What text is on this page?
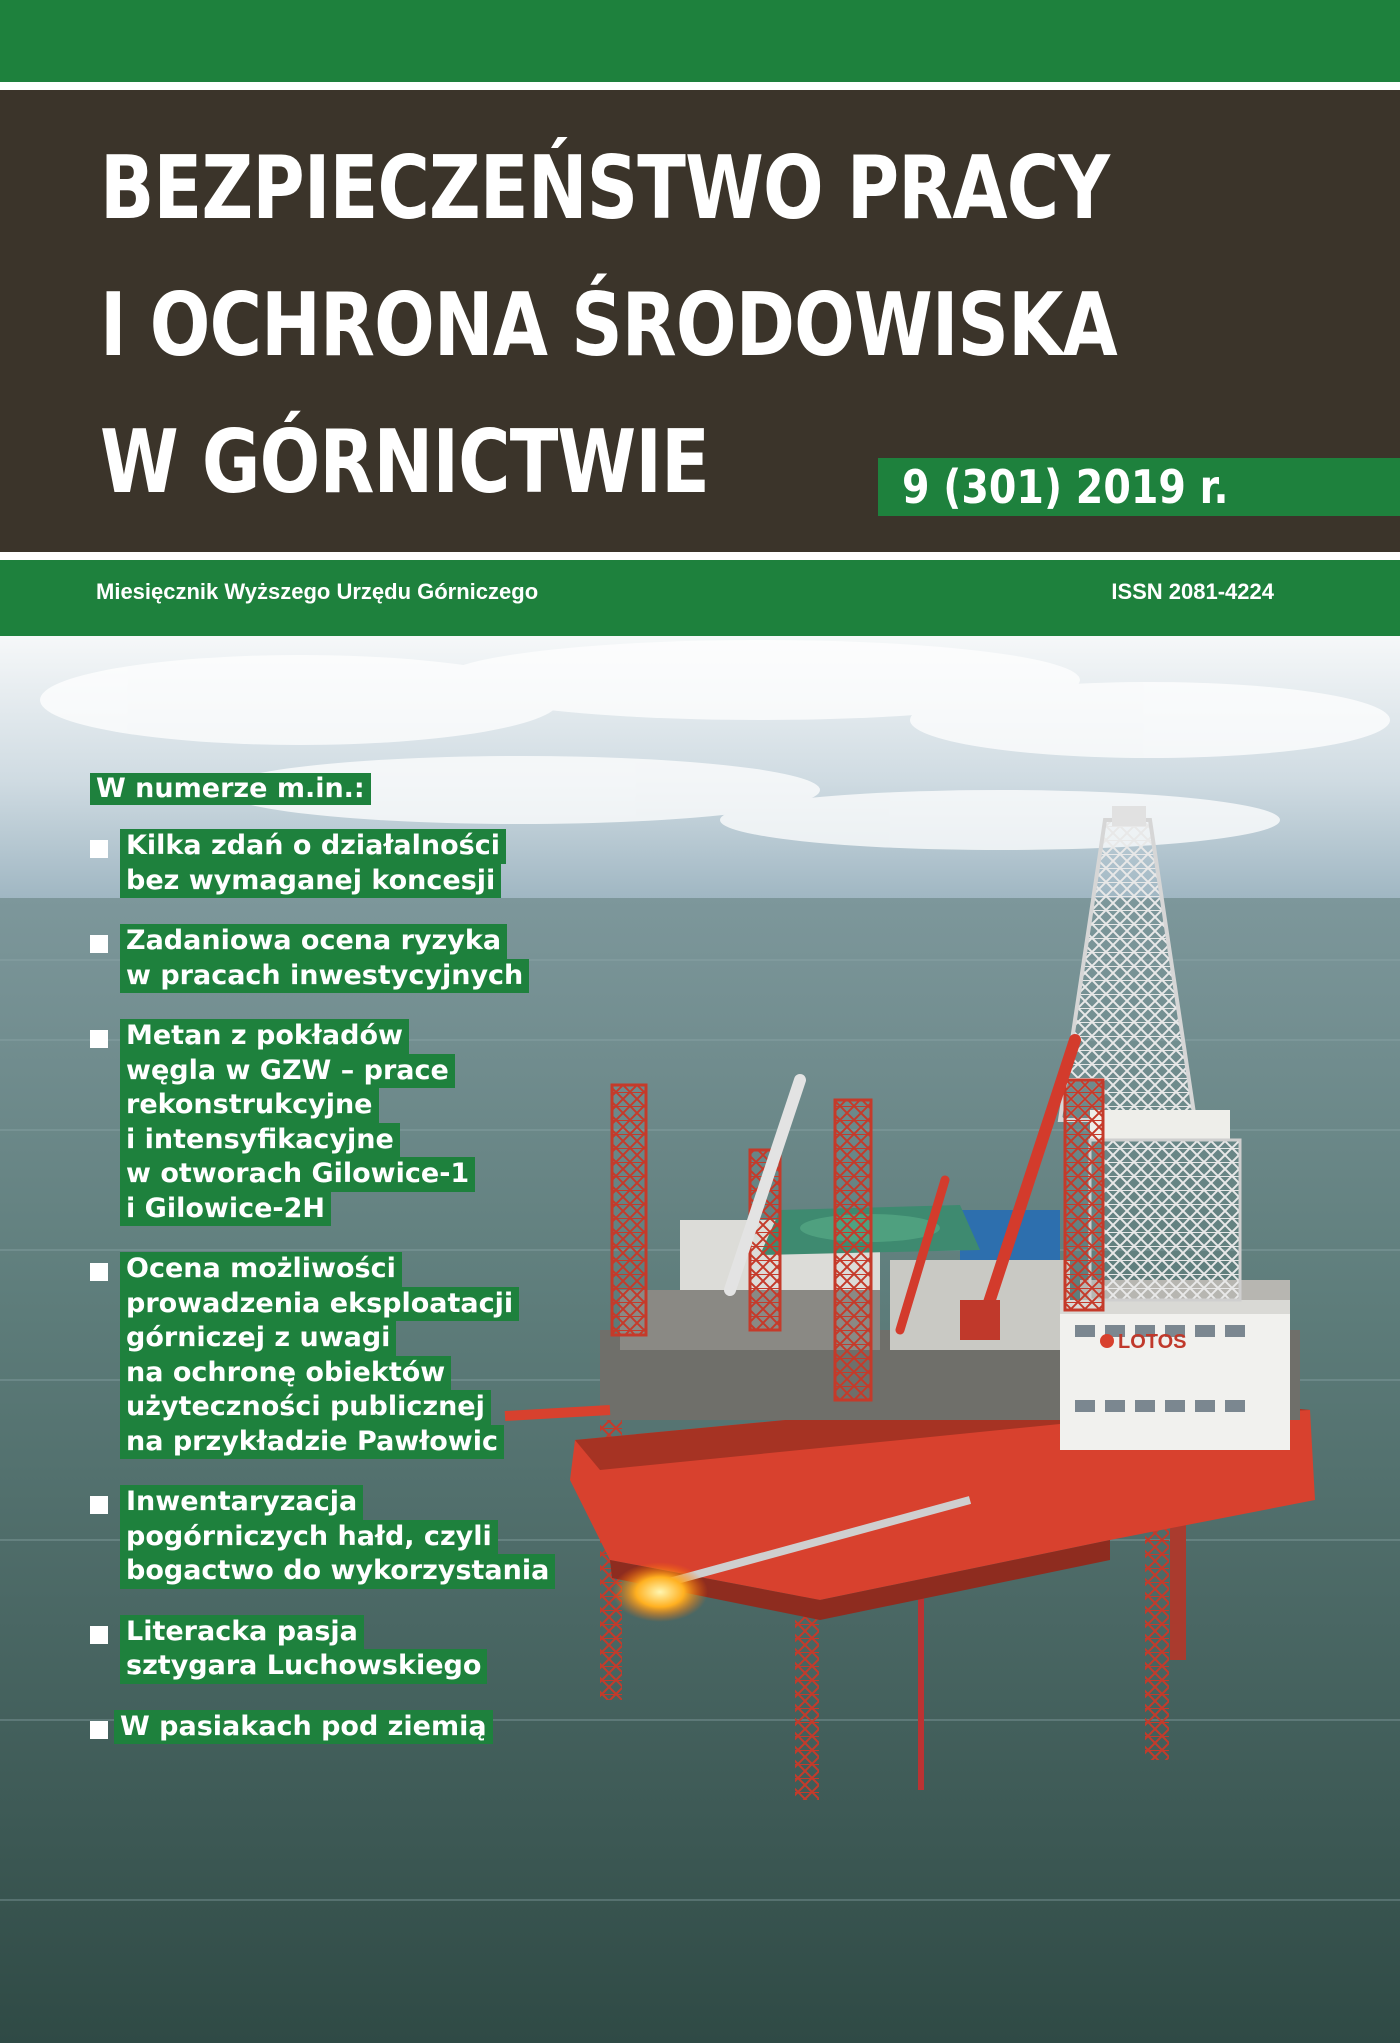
BEZPIECZEŃSTWO PRACY
I OCHRONA ŚRODOWISKA
W GÓRNICTWIE	9 (301) 2019 r.
Miesięcznik Wyższego Urzędu Górniczego	ISSN 2081-4224
LOTOS
W numerze m.in.:
Kilka zdań o działalności
bez wymaganej koncesji
Zadaniowa ocena ryzyka
w pracach inwestycyjnych
Metan z pokładów
węgla w GZW – prace
rekonstrukcyjne
i intensyfikacyjne
w otworach Gilowice-1
i Gilowice-2H
Ocena możliwości
prowadzenia eksploatacji
górniczej z uwagi
na ochronę obiektów
użyteczności publicznej
na przykładzie Pawłowic
Inwentaryzacja
pogórniczych hałd, czyli
bogactwo do wykorzystania
Literacka pasja
sztygara Luchowskiego
W pasiakach pod ziemią
